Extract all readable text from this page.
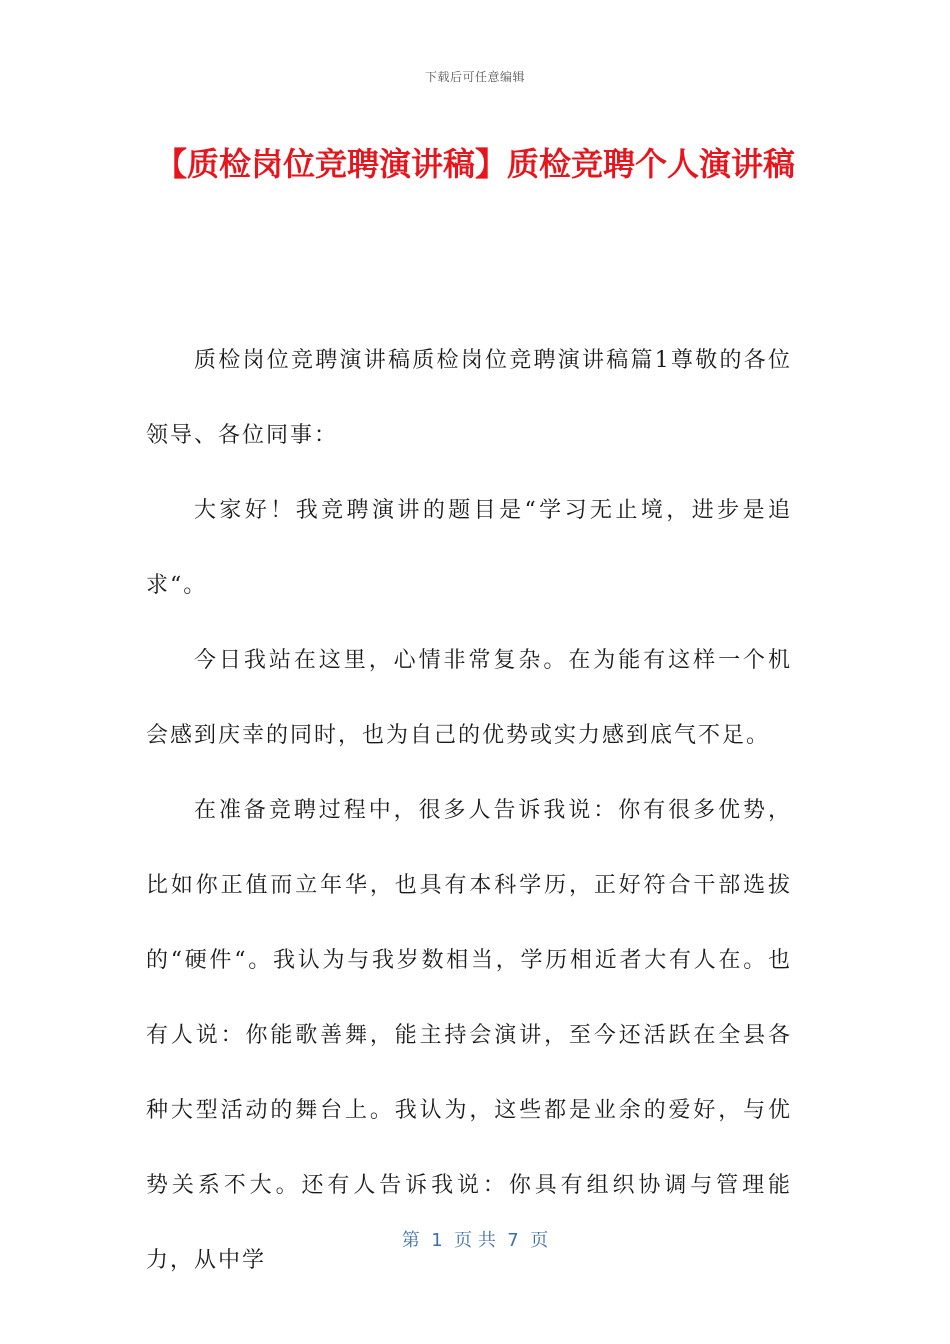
下载后可任意编辑
【质检岗位竞聘演讲稿】质检竞聘个人演讲稿

质检岗位竞聘演讲稿质检岗位竞聘演讲稿篇1尊敬的各位领导、各位同事：

大家好！我竞聘演讲的题目是“学习无止境，进步是追求“。

今日我站在这里，心情非常复杂。在为能有这样一个机会感到庆幸的同时，也为自己的优势或实力感到底气不足。

在准备竞聘过程中，很多人告诉我说：你有很多优势，比如你正值而立年华，也具有本科学历，正好符合干部选拔的“硬件“。我认为与我岁数相当，学历相近者大有人在。也有人说：你能歌善舞，能主持会演讲，至今还活跃在全县各种大型活动的舞台上。我认为，这些都是业余的爱好，与优势关系不大。还有人告诉我说：你具有组织协调与管理能力，从中学

第  1  页 共  7  页
